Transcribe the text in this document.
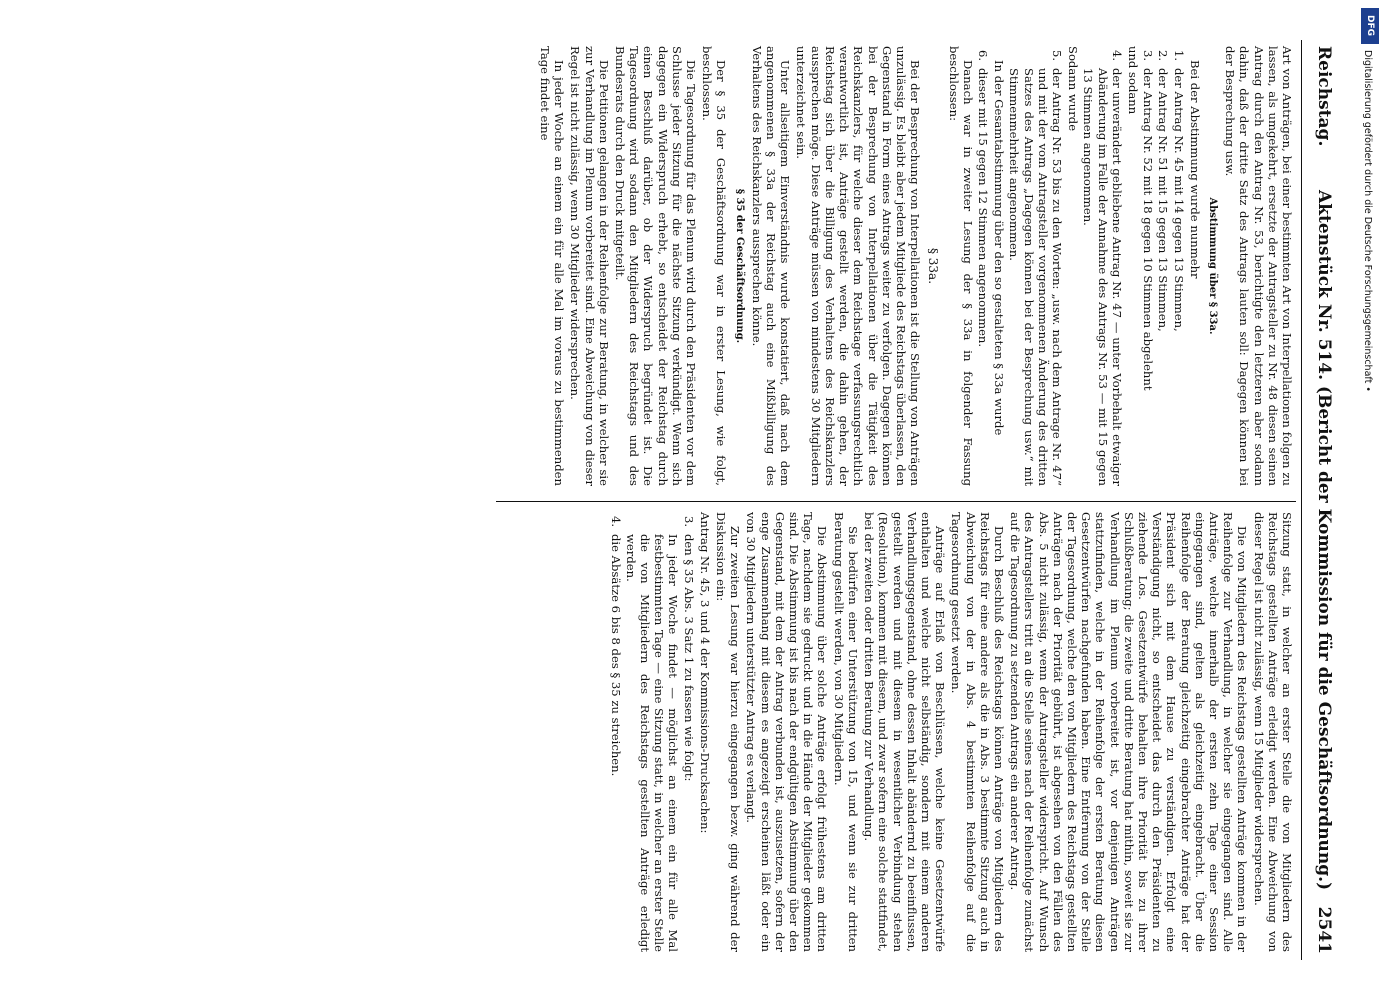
Reichstag.
Aktenstück Nr. 514. (Bericht der Kommission für die Geschäftsordnung.)
2541

Art von Anträgen, bei einer bestimmten Art von Interpellationen folgen zu lassen, als umgekehrt, ersetzte der Antragsteller zu Nr. 48 diesen seinen Antrag durch den Antrag Nr. 53, berichtigte den letzteren aber sodann dahin, daß der dritte Satz des Antrags lauten soll: Dagegen können bei der Besprechung usw.

Abstimmung über § 33a.

Bei der Abstimmung wurde nunmehr

1.
der Antrag Nr. 45 mit 14 gegen 13 Stimmen,
2.
der Antrag Nr. 51 mit 15 gegen 13 Stimmen,
3.
der Antrag Nr. 52 mit 18 gegen 10 Stimmen abgelehnt

und sodann

4.
der unverändert gebliebene Antrag Nr. 47 — unter Vorbehalt etwaiger Abänderung im Falle der Annahme des Antrags Nr. 53 — mit 15 gegen 13 Stimmen angenommen.

Sodann wurde

5.
der Antrag Nr. 53 bis zu den Worten: „usw. nach dem Antrage Nr. 47“ und mit der vom Antragsteller vorgenommenen Änderung des dritten Satzes des Antrags „Dagegen können bei der Besprechung usw.“ mit Stimmenmehrheit angenommen.

In der Gesamtabstimmung über den so gestalteten § 33a wurde

6.
dieser mit 15 gegen 12 Stimmen angenommen.

Danach war in zweiter Lesung der § 33a in folgender Fassung beschlossen:

§ 33a.

Bei der Besprechung von Interpellationen ist die Stellung von Anträgen unzulässig. Es bleibt aber jedem Mitgliede des Reichstags überlassen, den Gegenstand in Form eines Antrags weiter zu verfolgen. Dagegen können bei der Besprechung von Interpellationen über die Tätigkeit des Reichskanzlers, für welche dieser dem Reichstage verfassungsrechtlich verantwortlich ist, Anträge gestellt werden, die dahin gehen, der Reichstag sich über die Billigung des Verhaltens des Reichskanzlers aussprechen möge. Diese Anträge müssen von mindestens 30 Mitgliedern unterzeichnet sein.

Unter allseitigem Einverständnis wurde konstatiert, daß nach dem angenommenen § 33a der Reichstag auch eine Mißbilligung des Verhaltens des Reichskanzlers aussprechen könne.

§ 35 der Geschäftsordnung.

Der § 35 der Geschäftsordnung war in erster Lesung, wie folgt, beschlossen.

Die Tagesordnung für das Plenum wird durch den Präsidenten vor dem Schlusse jeder Sitzung für die nächste Sitzung verkündigt. Wenn sich dagegen ein Widerspruch erhebt, so entscheidet der Reichstag durch einen Beschluß darüber, ob der Widerspruch begründet ist. Die Tagesordnung wird sodann den Mitgliedern des Reichstags und des Bundesrats durch den Druck mitgeteilt.

Die Petitionen gelangen in der Reihenfolge zur Beratung, in welcher sie zur Verhandlung im Plenum vorbereitet sind. Eine Abweichung von dieser Regel ist nicht zulässig, wenn 30 Mitglieder widersprechen.

In jeder Woche an einem ein für alle Mal im voraus zu bestimmenden Tage findet eine

Sitzung statt, in welcher an erster Stelle die von Mitgliedern des Reichstags gestellten Anträge erledigt werden. Eine Abweichung von dieser Regel ist nicht zulässig, wenn 15 Mitglieder widersprechen.

Die von Mitgliedern des Reichstags gestellten Anträge kommen in der Reihenfolge zur Verhandlung, in welcher sie eingegangen sind. Alle Anträge, welche innerhalb der ersten zehn Tage einer Session eingegangen sind, gelten als gleichzeitig eingebracht. Über die Reihenfolge der Beratung gleichzeitig eingebrachter Anträge hat der Präsident sich mit dem Hause zu verständigen. Erfolgt eine Verständigung nicht, so entscheidet das durch den Präsidenten zu ziehende Los. Gesetzentwürfe behalten ihre Priorität bis zu ihrer Schlußberatung; die zweite und dritte Beratung hat mithin, soweit sie zur Verhandlung im Plenum vorbereitet ist, vor denjenigen Anträgen stattzufinden, welche in der Reihenfolge der ersten Beratung diesen Gesetzentwürfen nachgefunden haben. Eine Entfernung von der Stelle der Tagesordnung, welche den von Mitgliedern des Reichstags gestellten Anträgen nach der Priorität gebührt, ist abgesehen von den Fällen des Abs. 5 nicht zulässig, wenn der Antragsteller widerspricht. Auf Wunsch des Antragstellers tritt an die Stelle seines nach der Reihenfolge zunächst auf die Tagesordnung zu setzenden Antrags ein anderer Antrag.

Durch Beschluß des Reichstags können Anträge von Mitgliedern des Reichstags für eine andere als die in Abs. 3 bestimmte Sitzung auch in Abweichung von der in Abs. 4 bestimmten Reihenfolge auf die Tagesordnung gesetzt werden.

Anträge auf Erlaß von Beschlüssen, welche keine Gesetzentwürfe enthalten und welche nicht selbständig, sondern mit einem anderen Verhandlungsgegenstand, ohne dessen Inhalt abändernd zu beeinflussen, gestellt werden und mit diesem in wesentlicher Verbindung stehen (Resolution), kommen mit diesem, und zwar sofern eine solche stattfindet, bei der zweiten oder dritten Beratung zur Verhandlung.

Sie bedürfen einer Unterstützung von 15, und wenn sie zur dritten Beratung gestellt werden, von 30 Mitgliedern.

Die Abstimmung über solche Anträge erfolgt frühestens am dritten Tage, nachdem sie gedruckt und in die Hände der Mitglieder gekommen sind. Die Abstimmung ist bis nach der endgültigen Abstimmung über den Gegenstand, mit dem der Antrag verbunden ist, auszusetzen, sofern der enge Zusammenhang mit diesem es angezeigt erscheinen läßt oder ein von 30 Mitgliedern unterstützter Antrag es verlangt.

Zur zweiten Lesung war hierzu eingegangen bezw. ging während der Diskussion ein:

Antrag Nr. 45, 3 und 4 der Kommissions-Drucksachen:

3.
den § 35 Abs. 3 Satz 1 zu fassen wie folgt:
In jeder Woche findet — möglichst an einem ein für alle Mal festbestimmten Tage — eine Sitzung statt, in welcher an erster Stelle die von Mitgliedern des Reichstags gestellten Anträge erledigt werden.
4.
die Absätze 6 bis 8 des § 35 zu streichen.
DFG
Digitalisierung gefördert durch die Deutsche Forschungsgemeinschaft •
